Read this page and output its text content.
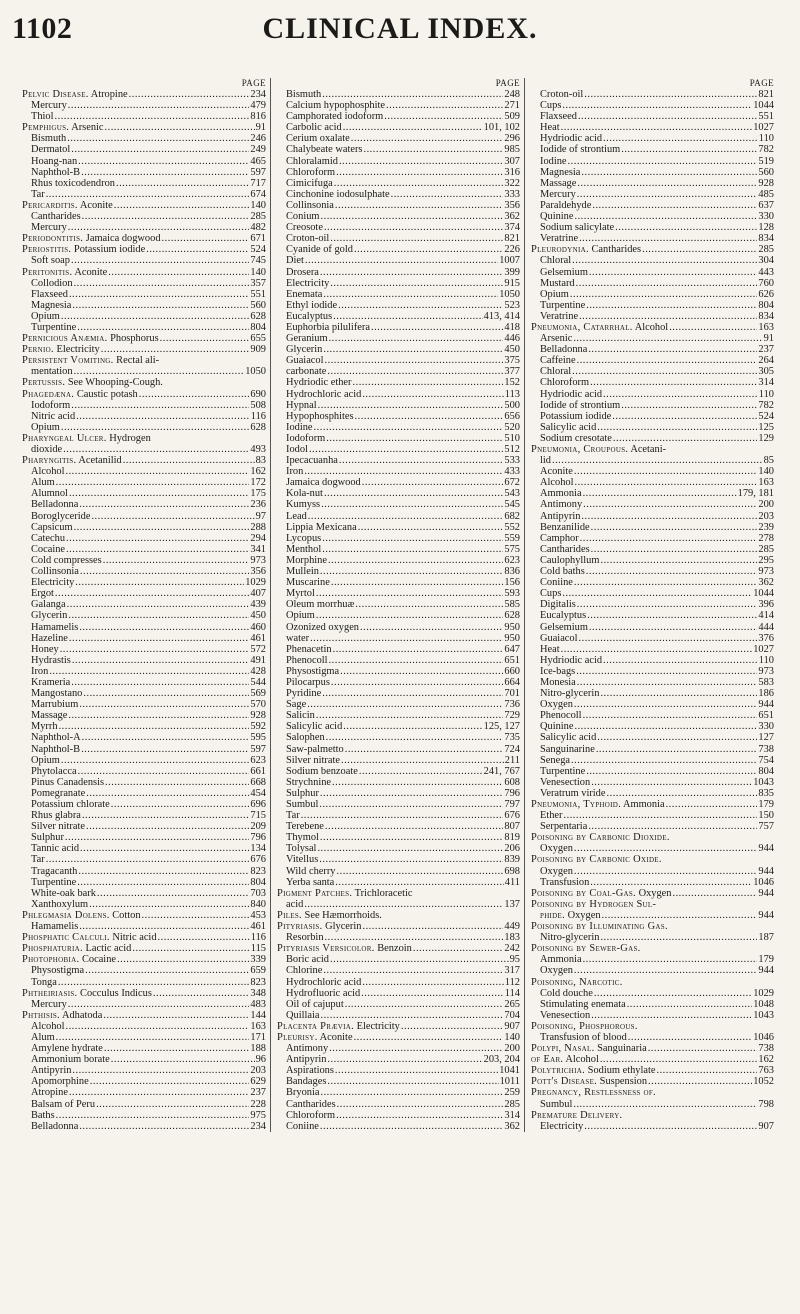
1102	CLINICAL INDEX.
PAGE
Pelvic Disease. Atropine .....	234
Mercury .....	479
Thiol .....	816
Pemphigus. Arsenic .....	91
Bismuth .....	246
Dermatol .....	249
Hoang-nan .....	465
Naphthol-B .....	597
Rhus toxicodendron .....	717
Tar .....	674
Pericarditis. Aconite .....	140
Cantharides .....	285
Mercury .....	482
Periodontitis. Jamaica dogwood .....	671
Periostitis. Potassium iodide .....	524
Soft soap .....	745
Peritonitis. Aconite .....	140
Collodion .....	357
Flaxseed .....	551
Magnesia .....	560
Opium .....	628
Turpentine .....	804
Pernicious Anæmia. Phosphorus .....	655
Pernio. Electricity .....	909
Persistent Vomiting. Rectal ali-
mentation .....	1050
Pertussis. See Whooping-Cough.
Phagedæna. Caustic potash .....	690
Iodoform .....	508
Nitric acid .....	116
Opium .....	628
Pharyngeal Ulcer. Hydrogen
dioxide .....	493
Pharyngitis. Acetanilid .....	83
Alcohol .....	162
Alum .....	172
Alumnol .....	175
Belladonna .....	236
Boroglyceride .....	97
Capsicum .....	288
Catechu .....	294
Cocaine .....	341
Cold compresses .....	973
Collinsonia .....	356
Electricity .....	1029
Ergot .....	407
Galanga .....	439
Glycerin .....	450
Hamamelis .....	460
Hazeline .....	461
Honey .....	572
Hydrastis .....	491
Iron .....	428
Krameria .....	544
Mangostano .....	569
Marrubium .....	570
Massage .....	928
Myrrh .....	592
Naphthol-A .....	595
Naphthol-B .....	597
Opium .....	623
Phytolacca .....	661
Pinus Canadensis .....	668
Pomegranate .....	454
Potassium chlorate .....	696
Rhus glabra .....	715
Silver nitrate .....	209
Sulphur .....	796
Tannic acid .....	134
Tar .....	676
Tragacanth .....	823
Turpentine .....	804
White-oak bark .....	703
Xanthoxylum .....	840
Phlegmasia Dolens. Cotton .....	453
Hamamelis .....	461
Phosphatic Calculi. Nitric acid .....	116
Phosphaturia. Lactic acid .....	115
Photophobia. Cocaine .....	339
Physostigma .....	659
Tonga .....	823
Phtheiriasis. Cocculus Indicus .....	348
Mercury .....	483
Phthisis. Adhatoda .....	144
Alcohol .....	163
Alum .....	171
Amylene hydrate .....	188
Ammonium borate .....	96
Antipyrin .....	203
Apomorphine .....	629
Atropine .....	237
Balsam of Peru .....	228
Baths .....	975
Belladonna .....	234
PAGE
Bismuth .....	248
Calcium hypophosphite .....	271
Camphorated iodoform .....	509
Carbolic acid .....	101, 102
Cerium oxalate .....	296
Chalybeate waters .....	985
Chloralamid .....	307
Chloroform .....	316
Cimicifuga .....	322
Cinchonine iodosulphate .....	333
Collinsonia .....	356
Conium .....	362
Creosote .....	374
Croton-oil .....	821
Cyanide of gold .....	226
Diet .....	1007
Drosera .....	399
Electricity .....	915
Enemata .....	1050
Ethyl iodide .....	523
Eucalyptus .....	413, 414
Euphorbia pilulifera .....	418
Geranium .....	446
Glycerin .....	450
Guaiacol .....	375
carbonate .....	377
Hydriodic ether .....	152
Hydrochloric acid .....	113
Hypnal .....	500
Hypophosphites .....	656
Iodine .....	520
Iodoform .....	510
Iodol .....	512
Ipecacuanha .....	533
Iron .....	433
Jamaica dogwood .....	672
Kola-nut .....	543
Kumyss .....	545
Lead .....	682
Lippia Mexicana .....	552
Lycopus .....	559
Menthol .....	575
Morphine .....	623
Mullein .....	836
Muscarine .....	156
Myrtol .....	593
Oleum morrhuæ .....	585
Opium .....	628
Ozonized oxygen .....	950
water .....	950
Phenacetin .....	647
Phenocoll .....	651
Physostigma .....	660
Pilocarpus .....	664
Pyridine .....	701
Sage .....	736
Salicin .....	729
Salicylic acid .....	125, 127
Salophen .....	735
Saw-palmetto .....	724
Silver nitrate .....	211
Sodium benzoate .....	241, 767
Strychnine .....	608
Sulphur .....	796
Sumbul .....	797
Tar .....	676
Terebene .....	807
Thymol .....	819
Tolysal .....	206
Vitellus .....	839
Wild cherry .....	698
Yerba santa .....	411
Pigment Patches. Trichloracetic
acid .....	137
Piles. See Hæmorrhoids.
Pityriasis. Glycerin .....	449
Resorbin .....	183
Pityriasis Versicolor. Benzoin .....	242
Boric acid .....	95
Chlorine .....	317
Hydrochloric acid .....	112
Hydrofluoric acid .....	114
Oil of cajuput .....	265
Quillaia .....	704
Placenta Prævia. Electricity .....	907
Pleurisy. Aconite .....	140
Antimony .....	200
Antipyrin .....	203, 204
Aspirations .....	1041
Bandages .....	1011
Bryonia .....	259
Cantharides .....	285
Chloroform .....	314
Coniine .....	362
PAGE
Croton-oil .....	821
Cups .....	1044
Flaxseed .....	551
Heat .....	1027
Hydriodic acid .....	110
Iodide of strontium .....	782
Iodine .....	519
Magnesia .....	560
Massage .....	928
Mercury .....	485
Paraldehyde .....	637
Quinine .....	330
Sodium salicylate .....	128
Veratrine .....	834
Pleurodynia. Cantharides .....	285
Chloral .....	304
Gelsemium .....	443
Mustard .....	760
Opium .....	626
Turpentine .....	804
Veratrine .....	834
Pneumonia, Catarrhal. Alcohol .....	163
Arsenic .....	91
Belladonna .....	237
Caffeine .....	264
Chloral .....	305
Chloroform .....	314
Hydriodic acid .....	110
Iodide of strontium .....	782
Potassium iodide .....	524
Salicylic acid .....	125
Sodium cresotate .....	129
Pneumonia, Croupous. Acetani-
lid .....	85
Aconite .....	140
Alcohol .....	163
Ammonia .....	179, 181
Antimony .....	200
Antipyrin .....	203
Benzanilide .....	239
Camphor .....	278
Cantharides .....	285
Caulophyllum .....	295
Cold baths .....	973
Coniine .....	362
Cups .....	1044
Digitalis .....	396
Eucalyptus .....	414
Gelsemium .....	444
Guaiacol .....	376
Heat .....	1027
Hydriodic acid .....	110
Ice-bags .....	973
Monesia .....	583
Nitro-glycerin .....	186
Oxygen .....	944
Phenocoll .....	651
Quinine .....	330
Salicylic acid .....	127
Sanguinarine .....	738
Senega .....	754
Turpentine .....	804
Venesection .....	1043
Veratrum viride .....	835
Pneumonia, Typhoid. Ammonia .....	179
Ether .....	150
Serpentaria .....	757
Poisoning by Carbonic Dioxide.
Oxygen .....	944
Poisoning by Carbonic Oxide.
Oxygen .....	944
Transfusion .....	1046
Poisoning by Coal-Gas. Oxygen .....	944
Poisoning by Hydrogen Sul-
phide. Oxygen .....	944
Poisoning by Illuminating Gas.
Nitro-glycerin .....	187
Poisoning by Sewer-Gas.
Ammonia .....	179
Oxygen .....	944
Poisoning, Narcotic.
Cold douche .....	1029
Stimulating enemata .....	1048
Venesection .....	1043
Poisoning, Phosphorous.
Transfusion of blood .....	1046
Polypi, Nasal. Sanguinaria .....	738
of Ear. Alcohol .....	162
Polytrichia. Sodium ethylate .....	763
Pott's Disease. Suspension .....	1052
Pregnancy, Restlessness of.
Sumbul .....	798
Premature Delivery.
Electricity .....	907
